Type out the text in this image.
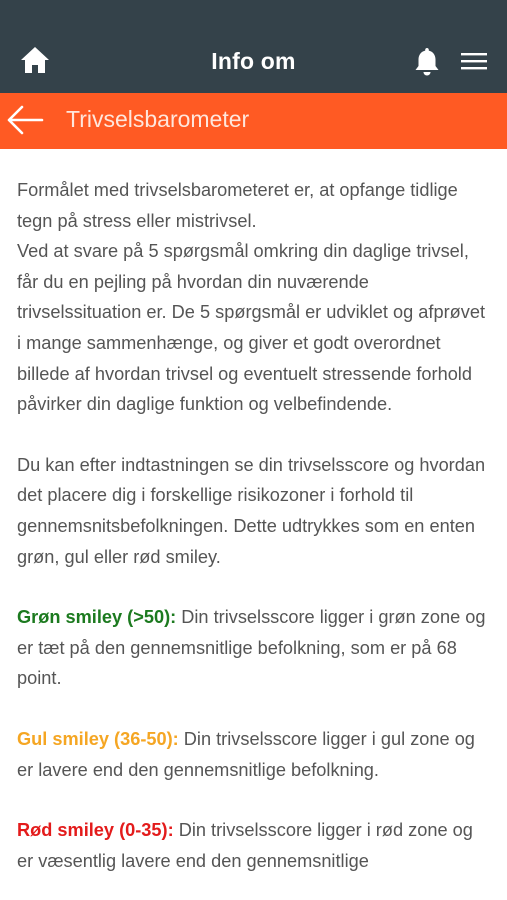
Info om
Trivselsbarometer

Formålet med trivselsbarometeret er, at opfange tidlige tegn på stress eller mistrivsel.
Ved at svare på 5 spørgsmål omkring din daglige trivsel, får du en pejling på hvordan din nuværende trivselssituation er. De 5 spørgsmål er udviklet og afprøvet i mange sammenhænge, og giver et godt overordnet billede af hvordan trivsel og eventuelt stressende forhold påvirker din daglige funktion og velbefindende.

Du kan efter indtastningen se din trivselsscore og hvordan det placere dig i forskellige risikozoner i forhold til gennemsnitsbefolkningen. Dette udtrykkes som en enten grøn, gul eller rød smiley.

Grøn smiley (>50): Din trivselsscore ligger i grøn zone og er tæt på den gennemsnitlige befolkning, som er på 68 point.

Gul smiley (36-50): Din trivselsscore ligger i gul zone og er lavere end den gennemsnitlige befolkning.

Rød smiley (0-35): Din trivselsscore ligger i rød zone og er væsentlig lavere end den gennemsnitlige
